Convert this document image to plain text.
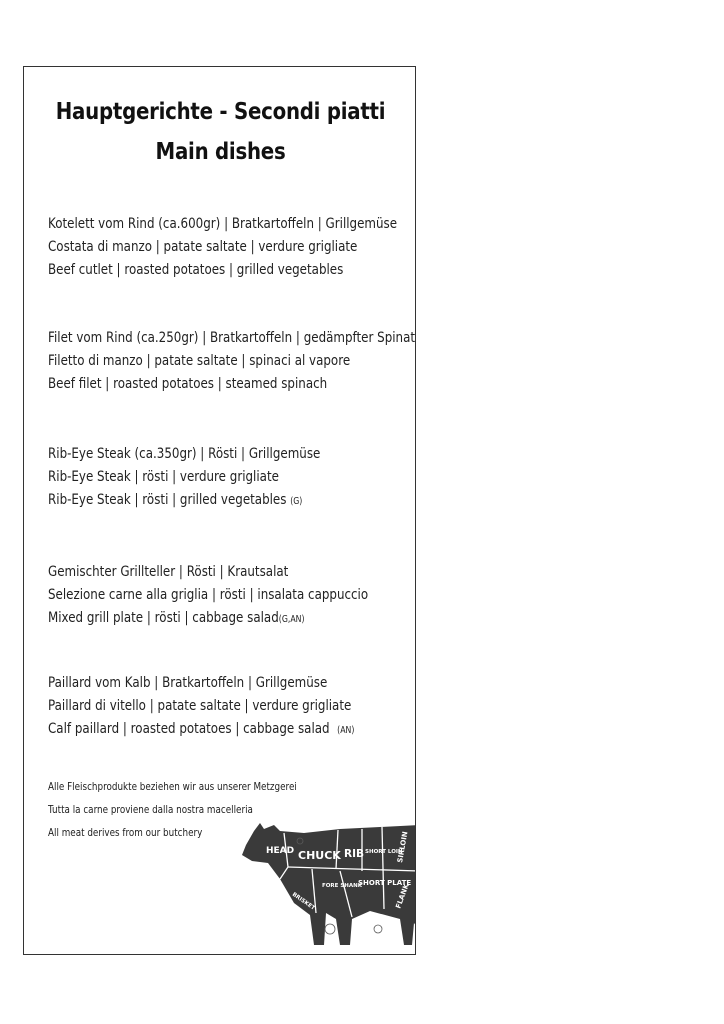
Hauptgerichte - Secondi piatti
Main dishes
Kotelett vom Rind (ca.600gr) | Bratkartoffeln | Grillgemüse
Costata di manzo | patate saltate | verdure grigliate
Beef cutlet | roasted potatoes | grilled vegetables
Filet vom Rind (ca.250gr) | Bratkartoffeln | gedämpfter Spinat
Filetto di manzo | patate saltate | spinaci al vapore
Beef filet | roasted potatoes | steamed spinach
Rib-Eye Steak (ca.350gr) | Rösti | Grillgemüse
Rib-Eye Steak | rösti | verdure grigliate
Rib-Eye Steak | rösti | grilled vegetables (G)
Gemischter Grillteller | Rösti | Krautsalat
Selezione carne alla griglia | rösti | insalata cappuccio
Mixed grill plate | rösti | cabbage salad(G,AN)
Paillard vom Kalb | Bratkartoffeln | Grillgemüse
Paillard di vitello | patate saltate | verdure grigliate
Calf paillard | roasted potatoes | cabbage salad (AN)
Alle Fleischprodukte beziehen wir aus unserer Metzgerei
Tutta la carne proviene dalla nostra macelleria
All meat derives from our butchery
HEAD CHUCK RIB SHORT LOIN
SIRLOIN
BRISKET
FORE SHANK
SHORT PLATE
FLANK
